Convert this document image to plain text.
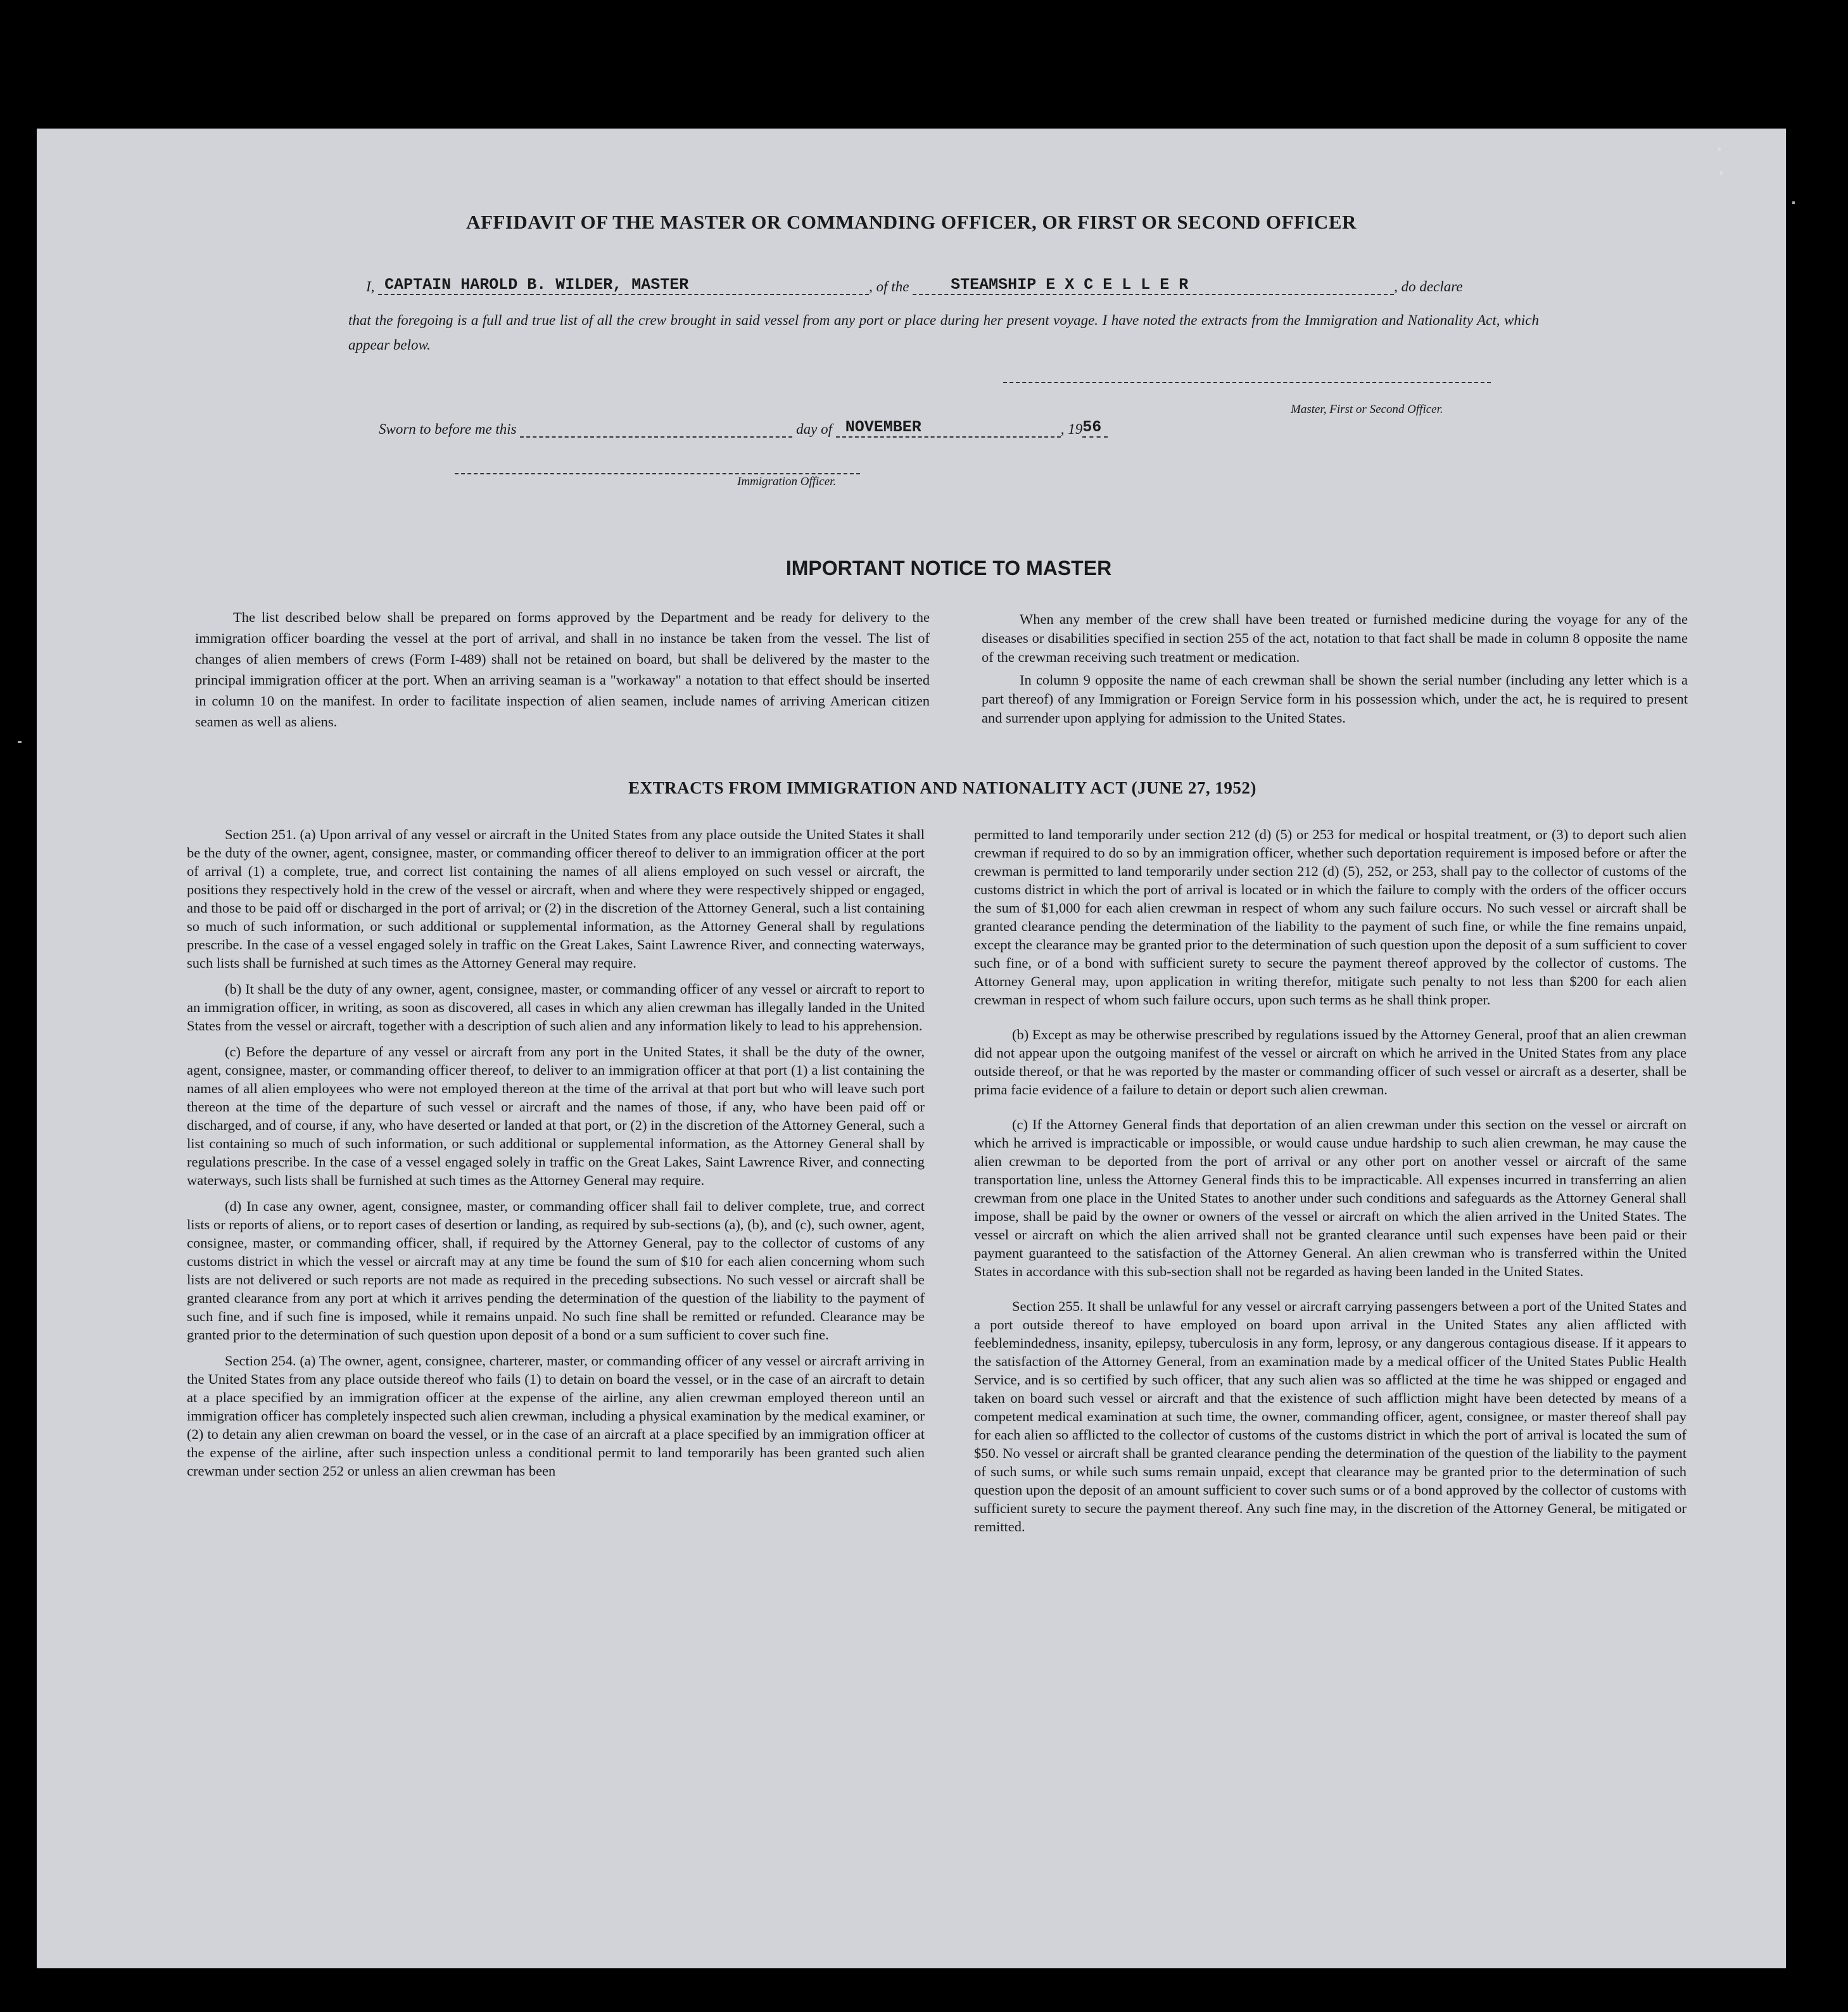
AFFIDAVIT OF THE MASTER OR COMMANDING OFFICER, OR FIRST OR SECOND OFFICER
I, CAPTAIN HAROLD B. WILDER, MASTER	, of the	STEAMSHIP E X C E L L E R	, do declare
that the foregoing is a full and true list of all the crew brought in said vessel from any port or place during her present voyage. I have noted the extracts from the Immigration and Nationality Act, which appear below.
Master, First or Second Officer.
Sworn to before me this	day of NOVEMBER	, 1956
Immigration Officer.
IMPORTANT NOTICE TO MASTER

The list described below shall be prepared on forms approved by the Department and be ready for delivery to the immigration officer boarding the vessel at the port of arrival, and shall in no instance be taken from the vessel. The list of changes of alien members of crews (Form I-489) shall not be retained on board, but shall be delivered by the master to the principal immigration officer at the port. When an arriving seaman is a "workaway" a notation to that effect should be inserted in column 10 on the manifest. In order to facilitate inspection of alien seamen, include names of arriving American citizen seamen as well as aliens.

When any member of the crew shall have been treated or furnished medicine during the voyage for any of the diseases or disabilities specified in section 255 of the act, notation to that fact shall be made in column 8 opposite the name of the crewman receiving such treatment or medication.

In column 9 opposite the name of each crewman shall be shown the serial number (including any letter which is a part thereof) of any Immigration or Foreign Service form in his possession which, under the act, he is required to present and surrender upon applying for admission to the United States.

EXTRACTS FROM IMMIGRATION AND NATIONALITY ACT (JUNE 27, 1952)

Section 251. (a) Upon arrival of any vessel or aircraft in the United States from any place outside the United States it shall be the duty of the owner, agent, consignee, master, or commanding officer thereof to deliver to an immigration officer at the port of arrival (1) a complete, true, and correct list containing the names of all aliens employed on such vessel or aircraft, the positions they respectively hold in the crew of the vessel or aircraft, when and where they were respectively shipped or engaged, and those to be paid off or discharged in the port of arrival; or (2) in the discretion of the Attorney General, such a list containing so much of such information, or such additional or supplemental information, as the Attorney General shall by regulations prescribe. In the case of a vessel engaged solely in traffic on the Great Lakes, Saint Lawrence River, and connecting waterways, such lists shall be furnished at such times as the Attorney General may require.

(b) It shall be the duty of any owner, agent, consignee, master, or commanding officer of any vessel or aircraft to report to an immigration officer, in writing, as soon as discovered, all cases in which any alien crewman has illegally landed in the United States from the vessel or aircraft, together with a description of such alien and any information likely to lead to his apprehension.

(c) Before the departure of any vessel or aircraft from any port in the United States, it shall be the duty of the owner, agent, consignee, master, or commanding officer thereof, to deliver to an immigration officer at that port (1) a list containing the names of all alien employees who were not employed thereon at the time of the arrival at that port but who will leave such port thereon at the time of the departure of such vessel or aircraft and the names of those, if any, who have been paid off or discharged, and of course, if any, who have deserted or landed at that port, or (2) in the discretion of the Attorney General, such a list containing so much of such information, or such additional or supplemental information, as the Attorney General shall by regulations prescribe. In the case of a vessel engaged solely in traffic on the Great Lakes, Saint Lawrence River, and connecting waterways, such lists shall be furnished at such times as the Attorney General may require.

(d) In case any owner, agent, consignee, master, or commanding officer shall fail to deliver complete, true, and correct lists or reports of aliens, or to report cases of desertion or landing, as required by sub-sections (a), (b), and (c), such owner, agent, consignee, master, or commanding officer, shall, if required by the Attorney General, pay to the collector of customs of any customs district in which the vessel or aircraft may at any time be found the sum of $10 for each alien concerning whom such lists are not delivered or such reports are not made as required in the preceding subsections. No such vessel or aircraft shall be granted clearance from any port at which it arrives pending the determination of the question of the liability to the payment of such fine, and if such fine is imposed, while it remains unpaid. No such fine shall be remitted or refunded. Clearance may be granted prior to the determination of such question upon deposit of a bond or a sum sufficient to cover such fine.

Section 254. (a) The owner, agent, consignee, charterer, master, or commanding officer of any vessel or aircraft arriving in the United States from any place outside thereof who fails (1) to detain on board the vessel, or in the case of an aircraft to detain at a place specified by an immigration officer at the expense of the airline, any alien crewman employed thereon until an immigration officer has completely inspected such alien crewman, including a physical examination by the medical examiner, or (2) to detain any alien crewman on board the vessel, or in the case of an aircraft at a place specified by an immigration officer at the expense of the airline, after such inspection unless a conditional permit to land temporarily has been granted such alien crewman under section 252 or unless an alien crewman has been

permitted to land temporarily under section 212 (d) (5) or 253 for medical or hospital treatment, or (3) to deport such alien crewman if required to do so by an immigration officer, whether such deportation requirement is imposed before or after the crewman is permitted to land temporarily under section 212 (d) (5), 252, or 253, shall pay to the collector of customs of the customs district in which the port of arrival is located or in which the failure to comply with the orders of the officer occurs the sum of $1,000 for each alien crewman in respect of whom any such failure occurs. No such vessel or aircraft shall be granted clearance pending the determination of the liability to the payment of such fine, or while the fine remains unpaid, except the clearance may be granted prior to the determination of such question upon the deposit of a sum sufficient to cover such fine, or of a bond with sufficient surety to secure the payment thereof approved by the collector of customs. The Attorney General may, upon application in writing therefor, mitigate such penalty to not less than $200 for each alien crewman in respect of whom such failure occurs, upon such terms as he shall think proper.

(b) Except as may be otherwise prescribed by regulations issued by the Attorney General, proof that an alien crewman did not appear upon the outgoing manifest of the vessel or aircraft on which he arrived in the United States from any place outside thereof, or that he was reported by the master or commanding officer of such vessel or aircraft as a deserter, shall be prima facie evidence of a failure to detain or deport such alien crewman.

(c) If the Attorney General finds that deportation of an alien crewman under this section on the vessel or aircraft on which he arrived is impracticable or impossible, or would cause undue hardship to such alien crewman, he may cause the alien crewman to be deported from the port of arrival or any other port on another vessel or aircraft of the same transportation line, unless the Attorney General finds this to be impracticable. All expenses incurred in transferring an alien crewman from one place in the United States to another under such conditions and safeguards as the Attorney General shall impose, shall be paid by the owner or owners of the vessel or aircraft on which the alien arrived in the United States. The vessel or aircraft on which the alien arrived shall not be granted clearance until such expenses have been paid or their payment guaranteed to the satisfaction of the Attorney General. An alien crewman who is transferred within the United States in accordance with this sub-section shall not be regarded as having been landed in the United States.

Section 255. It shall be unlawful for any vessel or aircraft carrying passengers between a port of the United States and a port outside thereof to have employed on board upon arrival in the United States any alien afflicted with feeblemindedness, insanity, epilepsy, tuberculosis in any form, leprosy, or any dangerous contagious disease. If it appears to the satisfaction of the Attorney General, from an examination made by a medical officer of the United States Public Health Service, and is so certified by such officer, that any such alien was so afflicted at the time he was shipped or engaged and taken on board such vessel or aircraft and that the existence of such affliction might have been detected by means of a competent medical examination at such time, the owner, commanding officer, agent, consignee, or master thereof shall pay for each alien so afflicted to the collector of customs of the customs district in which the port of arrival is located the sum of $50. No vessel or aircraft shall be granted clearance pending the determination of the question of the liability to the payment of such sums, or while such sums remain unpaid, except that clearance may be granted prior to the determination of such question upon the deposit of an amount sufficient to cover such sums or of a bond approved by the collector of customs with sufficient surety to secure the payment thereof. Any such fine may, in the discretion of the Attorney General, be mitigated or remitted.
